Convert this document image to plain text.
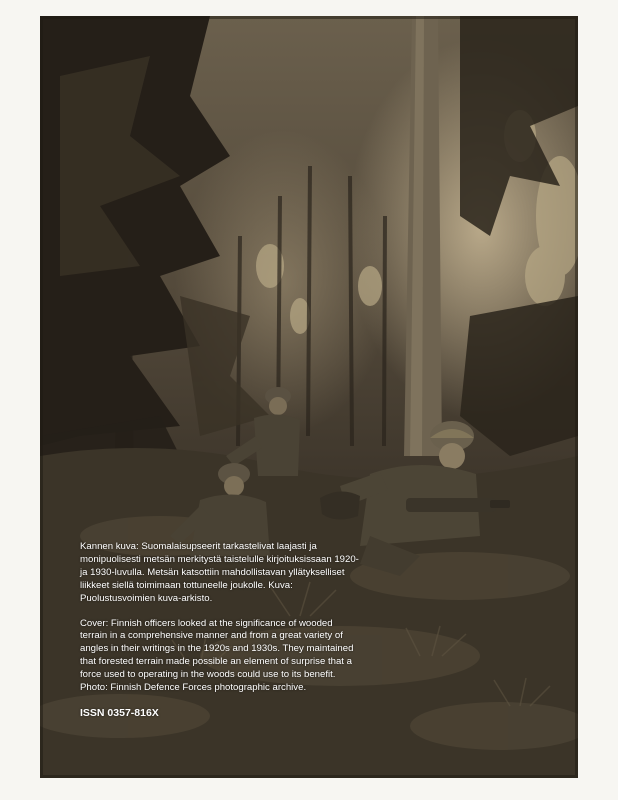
Kannen kuva: Suomalaisupseerit tarkastelivat laajasti ja monipuolisesti metsän merkitystä taistelulle kirjoituksissaan 1920- ja 1930-luvulla. Metsän katsottiin mahdollistavan yllätykselliset liikkeet siellä toimimaan tottuneelle joukolle. Kuva: Puolustusvoimien kuva-arkisto.

Cover: Finnish officers looked at the significance of wooded terrain in a comprehensive manner and from a great variety of angles in their writings in the 1920s and 1930s. They maintained that forested terrain made possible an element of surprise that a force used to operating in the woods could use to its benefit. Photo: Finnish Defence Forces photographic archive.

ISSN 0357-816X
